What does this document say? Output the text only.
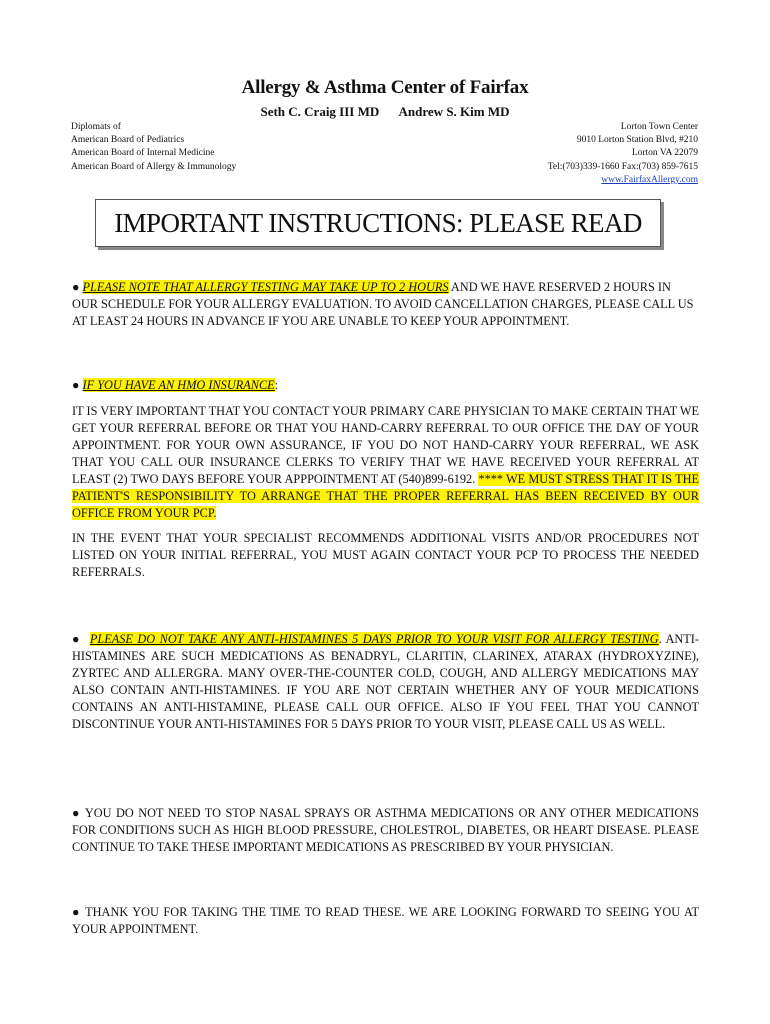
Allergy & Asthma Center of Fairfax
Seth C. Craig III MD Andrew S. Kim MD
Diplomats of
American Board of Pediatrics
American Board of Internal Medicine
American Board of Allergy & Immunology
Lorton Town Center
9010 Lorton Station Blvd, #210
Lorton VA 22079
Tel:(703)339-1660 Fax:(703) 859-7615
www.FairfaxAllergy.com
IMPORTANT INSTRUCTIONS: PLEASE READ

● PLEASE NOTE THAT ALLERGY TESTING MAY TAKE UP TO 2 HOURS AND WE HAVE RESERVED 2 HOURS IN OUR SCHEDULE FOR YOUR ALLERGY EVALUATION. TO AVOID CANCELLATION CHARGES, PLEASE CALL US AT LEAST 24 HOURS IN ADVANCE IF YOU ARE UNABLE TO KEEP YOUR APPOINTMENT.

● IF YOU HAVE AN HMO INSURANCE:

IT IS VERY IMPORTANT THAT YOU CONTACT YOUR PRIMARY CARE PHYSICIAN TO MAKE CERTAIN THAT WE GET YOUR REFERRAL BEFORE OR THAT YOU HAND-CARRY REFERRAL TO OUR OFFICE THE DAY OF YOUR APPOINTMENT. FOR YOUR OWN ASSURANCE, IF YOU DO NOT HAND-CARRY YOUR REFERRAL, WE ASK THAT YOU CALL OUR INSURANCE CLERKS TO VERIFY THAT WE HAVE RECEIVED YOUR REFERRAL AT LEAST (2) TWO DAYS BEFORE YOUR APPPOINTMENT AT (540)899-6192. **** WE MUST STRESS THAT IT IS THE PATIENT'S RESPONSIBILITY TO ARRANGE THAT THE PROPER REFERRAL HAS BEEN RECEIVED BY OUR OFFICE FROM YOUR PCP.

IN THE EVENT THAT YOUR SPECIALIST RECOMMENDS ADDITIONAL VISITS AND/OR PROCEDURES NOT LISTED ON YOUR INITIAL REFERRAL, YOU MUST AGAIN CONTACT YOUR PCP TO PROCESS THE NEEDED REFERRALS.

● PLEASE DO NOT TAKE ANY ANTI-HISTAMINES 5 DAYS PRIOR TO YOUR VISIT FOR ALLERGY TESTING. ANTI-HISTAMINES ARE SUCH MEDICATIONS AS BENADRYL, CLARITIN, CLARINEX, ATARAX (HYDROXYZINE), ZYRTEC AND ALLERGRA. MANY OVER-THE-COUNTER COLD, COUGH, AND ALLERGY MEDICATIONS MAY ALSO CONTAIN ANTI-HISTAMINES. IF YOU ARE NOT CERTAIN WHETHER ANY OF YOUR MEDICATIONS CONTAINS AN ANTI-HISTAMINE, PLEASE CALL OUR OFFICE. ALSO IF YOU FEEL THAT YOU CANNOT DISCONTINUE YOUR ANTI-HISTAMINES FOR 5 DAYS PRIOR TO YOUR VISIT, PLEASE CALL US AS WELL.

● YOU DO NOT NEED TO STOP NASAL SPRAYS OR ASTHMA MEDICATIONS OR ANY OTHER MEDICATIONS FOR CONDITIONS SUCH AS HIGH BLOOD PRESSURE, CHOLESTROL, DIABETES, OR HEART DISEASE. PLEASE CONTINUE TO TAKE THESE IMPORTANT MEDICATIONS AS PRESCRIBED BY YOUR PHYSICIAN.

● THANK YOU FOR TAKING THE TIME TO READ THESE. WE ARE LOOKING FORWARD TO SEEING YOU AT YOUR APPOINTMENT.
